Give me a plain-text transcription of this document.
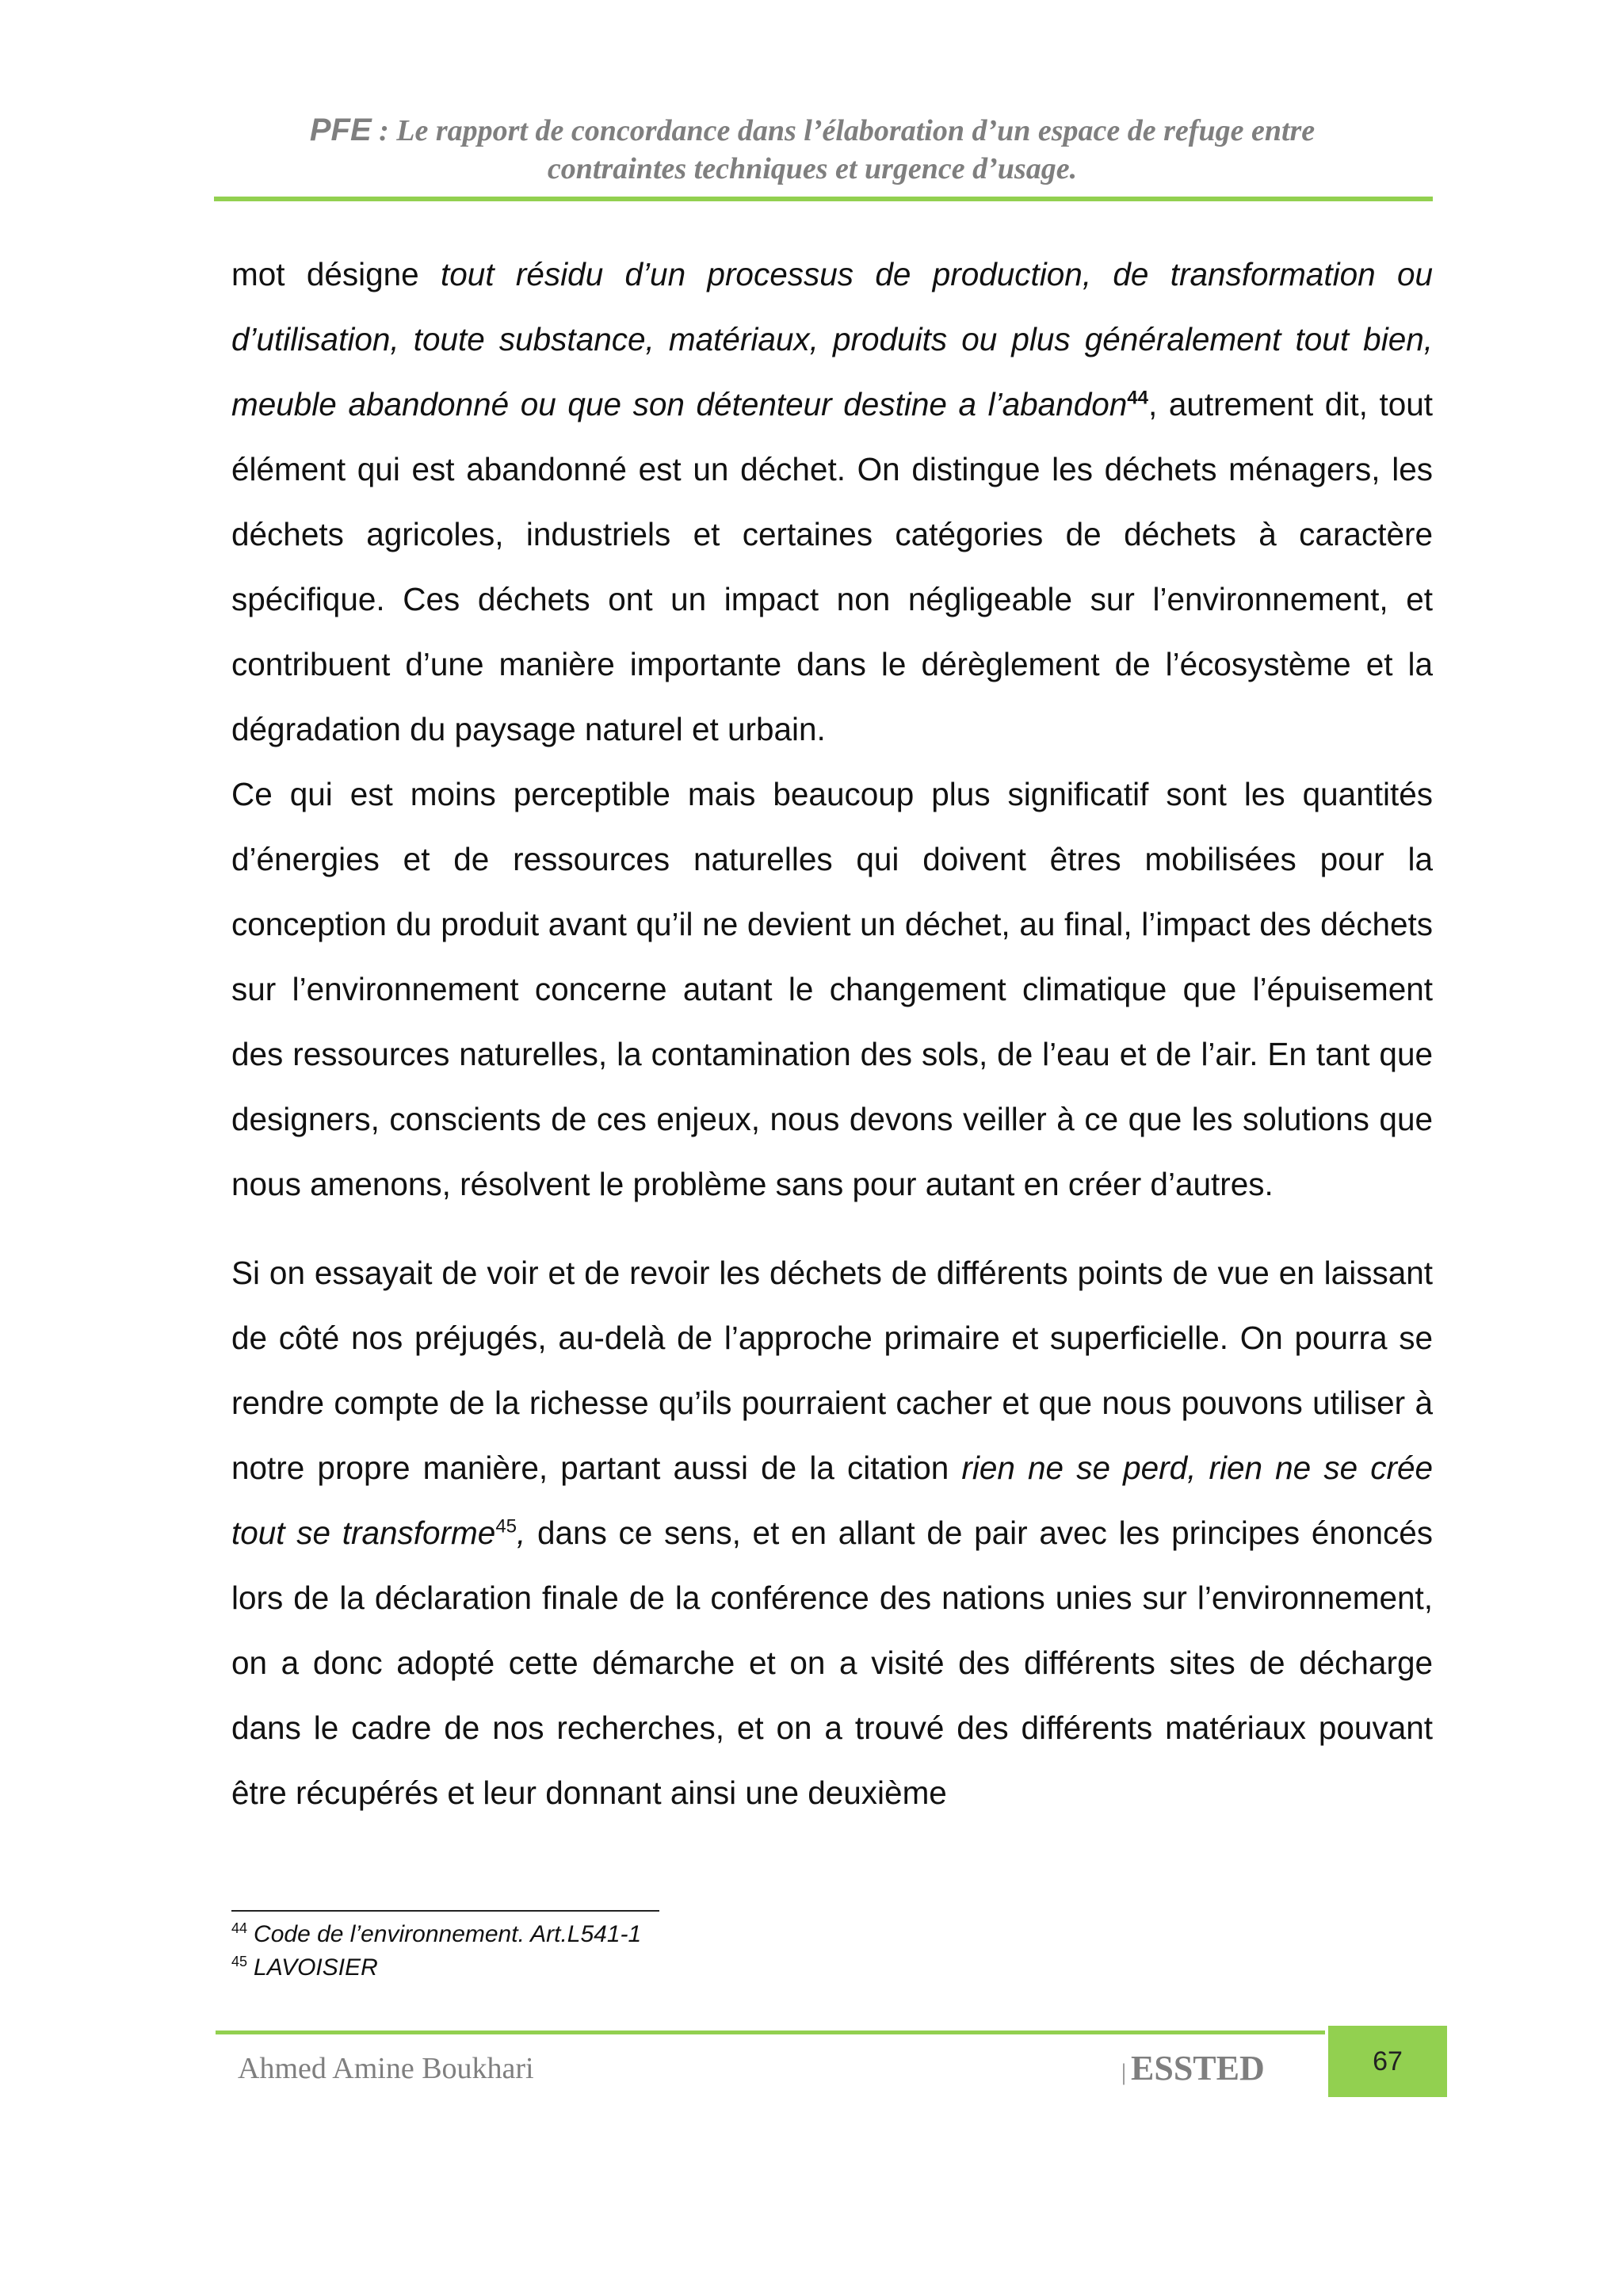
PFE : Le rapport de concordance dans l’élaboration d’un espace de refuge entre
contraintes techniques et urgence d’usage.

mot désigne tout résidu d’un processus de production, de transformation ou d’utilisation, toute substance, matériaux, produits ou plus généralement tout bien, meuble abandonné ou que son détenteur destine a l’abandon$^{44}$, autrement dit, tout élément qui est abandonné est un déchet. On distingue les déchets ménagers, les déchets agricoles, industriels et certaines catégories de déchets à caractère spécifique. Ces déchets ont un impact non négligeable sur l’environnement, et contribuent d’une manière importante dans le dérèglement de l’écosystème et la dégradation du paysage naturel et urbain.

Ce qui est moins perceptible mais beaucoup plus significatif sont les quantités d’énergies et de ressources naturelles qui doivent êtres mobilisées pour la conception du produit avant qu’il ne devient un déchet, au final, l’impact des déchets sur l’environnement concerne autant le changement climatique que l’épuisement des ressources naturelles, la contamination des sols, de l’eau et de l’air. En tant que designers, conscients de ces enjeux, nous devons veiller à ce que les solutions que nous amenons, résolvent le problème sans pour autant en créer d’autres.

Si on essayait de voir et de revoir les déchets de différents points de vue en laissant de côté nos préjugés, au-delà de l’approche primaire et superficielle. On pourra se rendre compte de la richesse qu’ils pourraient cacher et que nous pouvons utiliser à notre propre manière, partant aussi de la citation rien ne se perd, rien ne se crée tout se transforme$^{45}$, dans ce sens, et en allant de pair avec les principes énoncés lors de la déclaration finale de la conférence des nations unies sur l’environnement, on a donc adopté cette démarche et on a visité des différents sites de décharge dans le cadre de nos recherches, et on a trouvé des différents matériaux pouvant être récupérés et leur donnant ainsi une deuxième

$^{44}$ Code de l’environnement. Art.L541-1
$^{45}$ LAVOISIER
Ahmed Amine Boukhari	| ESSTED	67
